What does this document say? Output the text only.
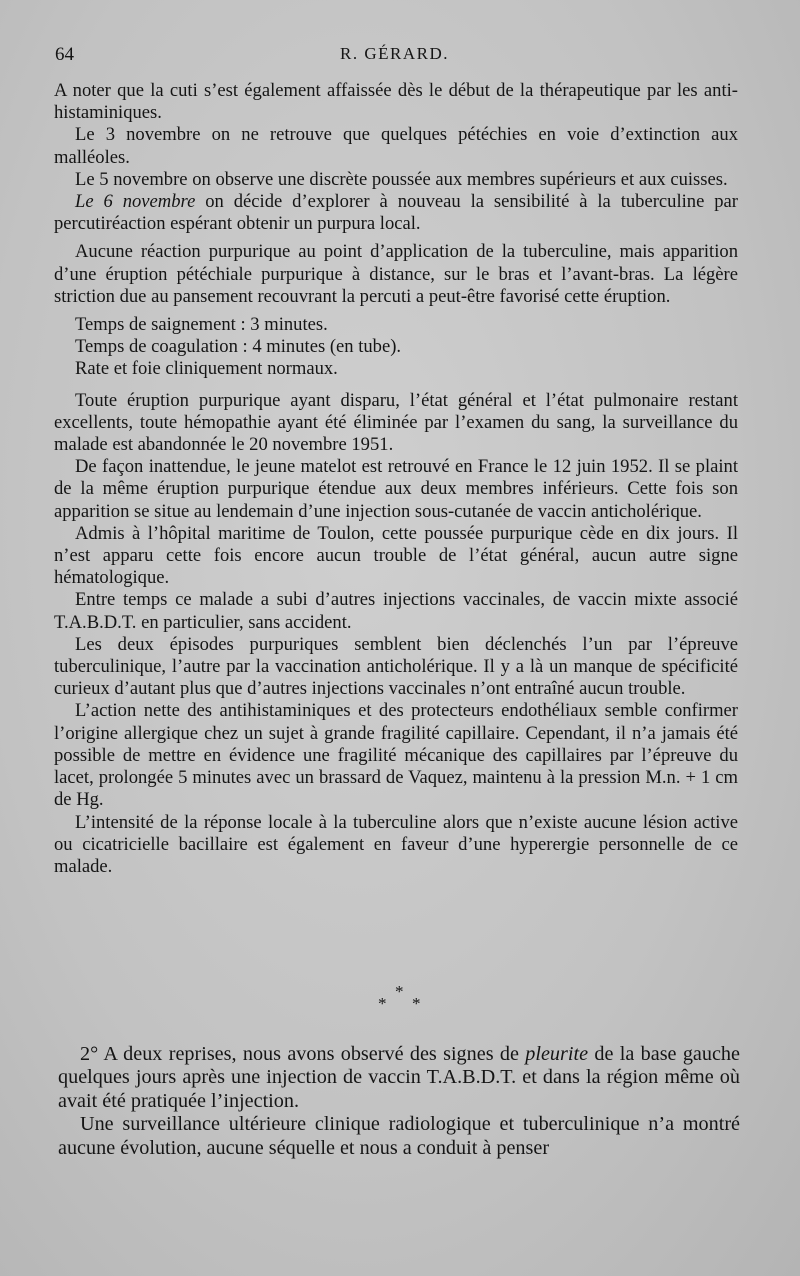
64	R. GÉRARD.

A noter que la cuti s’est également affaissée dès le début de la thérapeutique par les anti-histaminiques.

Le 3 novembre on ne retrouve que quelques pétéchies en voie d’extinction aux malléoles.

Le 5 novembre on observe une discrète poussée aux membres supérieurs et aux cuisses.

Le 6 novembre on décide d’explorer à nouveau la sensibilité à la tuberculine par percutiréaction espérant obtenir un purpura local.

Aucune réaction purpurique au point d’application de la tuberculine, mais apparition d’une éruption pétéchiale purpurique à distance, sur le bras et l’avant-bras. La légère striction due au pansement recouvrant la percuti a peut-être favorisé cette éruption.

Temps de saignement : 3 minutes.

Temps de coagulation : 4 minutes (en tube).

Rate et foie cliniquement normaux.

Toute éruption purpurique ayant disparu, l’état général et l’état pulmonaire restant excellents, toute hémopathie ayant été éliminée par l’examen du sang, la surveillance du malade est abandonnée le 20 novembre 1951.

De façon inattendue, le jeune matelot est retrouvé en France le 12 juin 1952. Il se plaint de la même éruption purpurique étendue aux deux membres inférieurs. Cette fois son apparition se situe au lendemain d’une injection sous-cutanée de vaccin anticholérique.

Admis à l’hôpital maritime de Toulon, cette poussée purpurique cède en dix jours. Il n’est apparu cette fois encore aucun trouble de l’état général, aucun autre signe hématologique.

Entre temps ce malade a subi d’autres injections vaccinales, de vaccin mixte associé T.A.B.D.T. en particulier, sans accident.

Les deux épisodes purpuriques semblent bien déclenchés l’un par l’épreuve tuberculinique, l’autre par la vaccination anticholérique. Il y a là un manque de spécificité curieux d’autant plus que d’autres injections vaccinales n’ont entraîné aucun trouble.

L’action nette des antihistaminiques et des protecteurs endothéliaux semble confirmer l’origine allergique chez un sujet à grande fragilité capillaire. Cependant, il n’a jamais été possible de mettre en évidence une fragilité mécanique des capillaires par l’épreuve du lacet, prolongée 5 minutes avec un brassard de Vaquez, maintenu à la pression M.n. + 1 cm de Hg.

L’intensité de la réponse locale à la tuberculine alors que n’existe aucune lésion active ou cicatricielle bacillaire est également en faveur d’une hyperergie personnelle de ce malade.

*
* *

2° A deux reprises, nous avons observé des signes de pleurite de la base gauche quelques jours après une injection de vaccin T.A.B.D.T. et dans la région même où avait été pratiquée l’injection.

Une surveillance ultérieure clinique radiologique et tuberculinique n’a montré aucune évolution, aucune séquelle et nous a conduit à penser
